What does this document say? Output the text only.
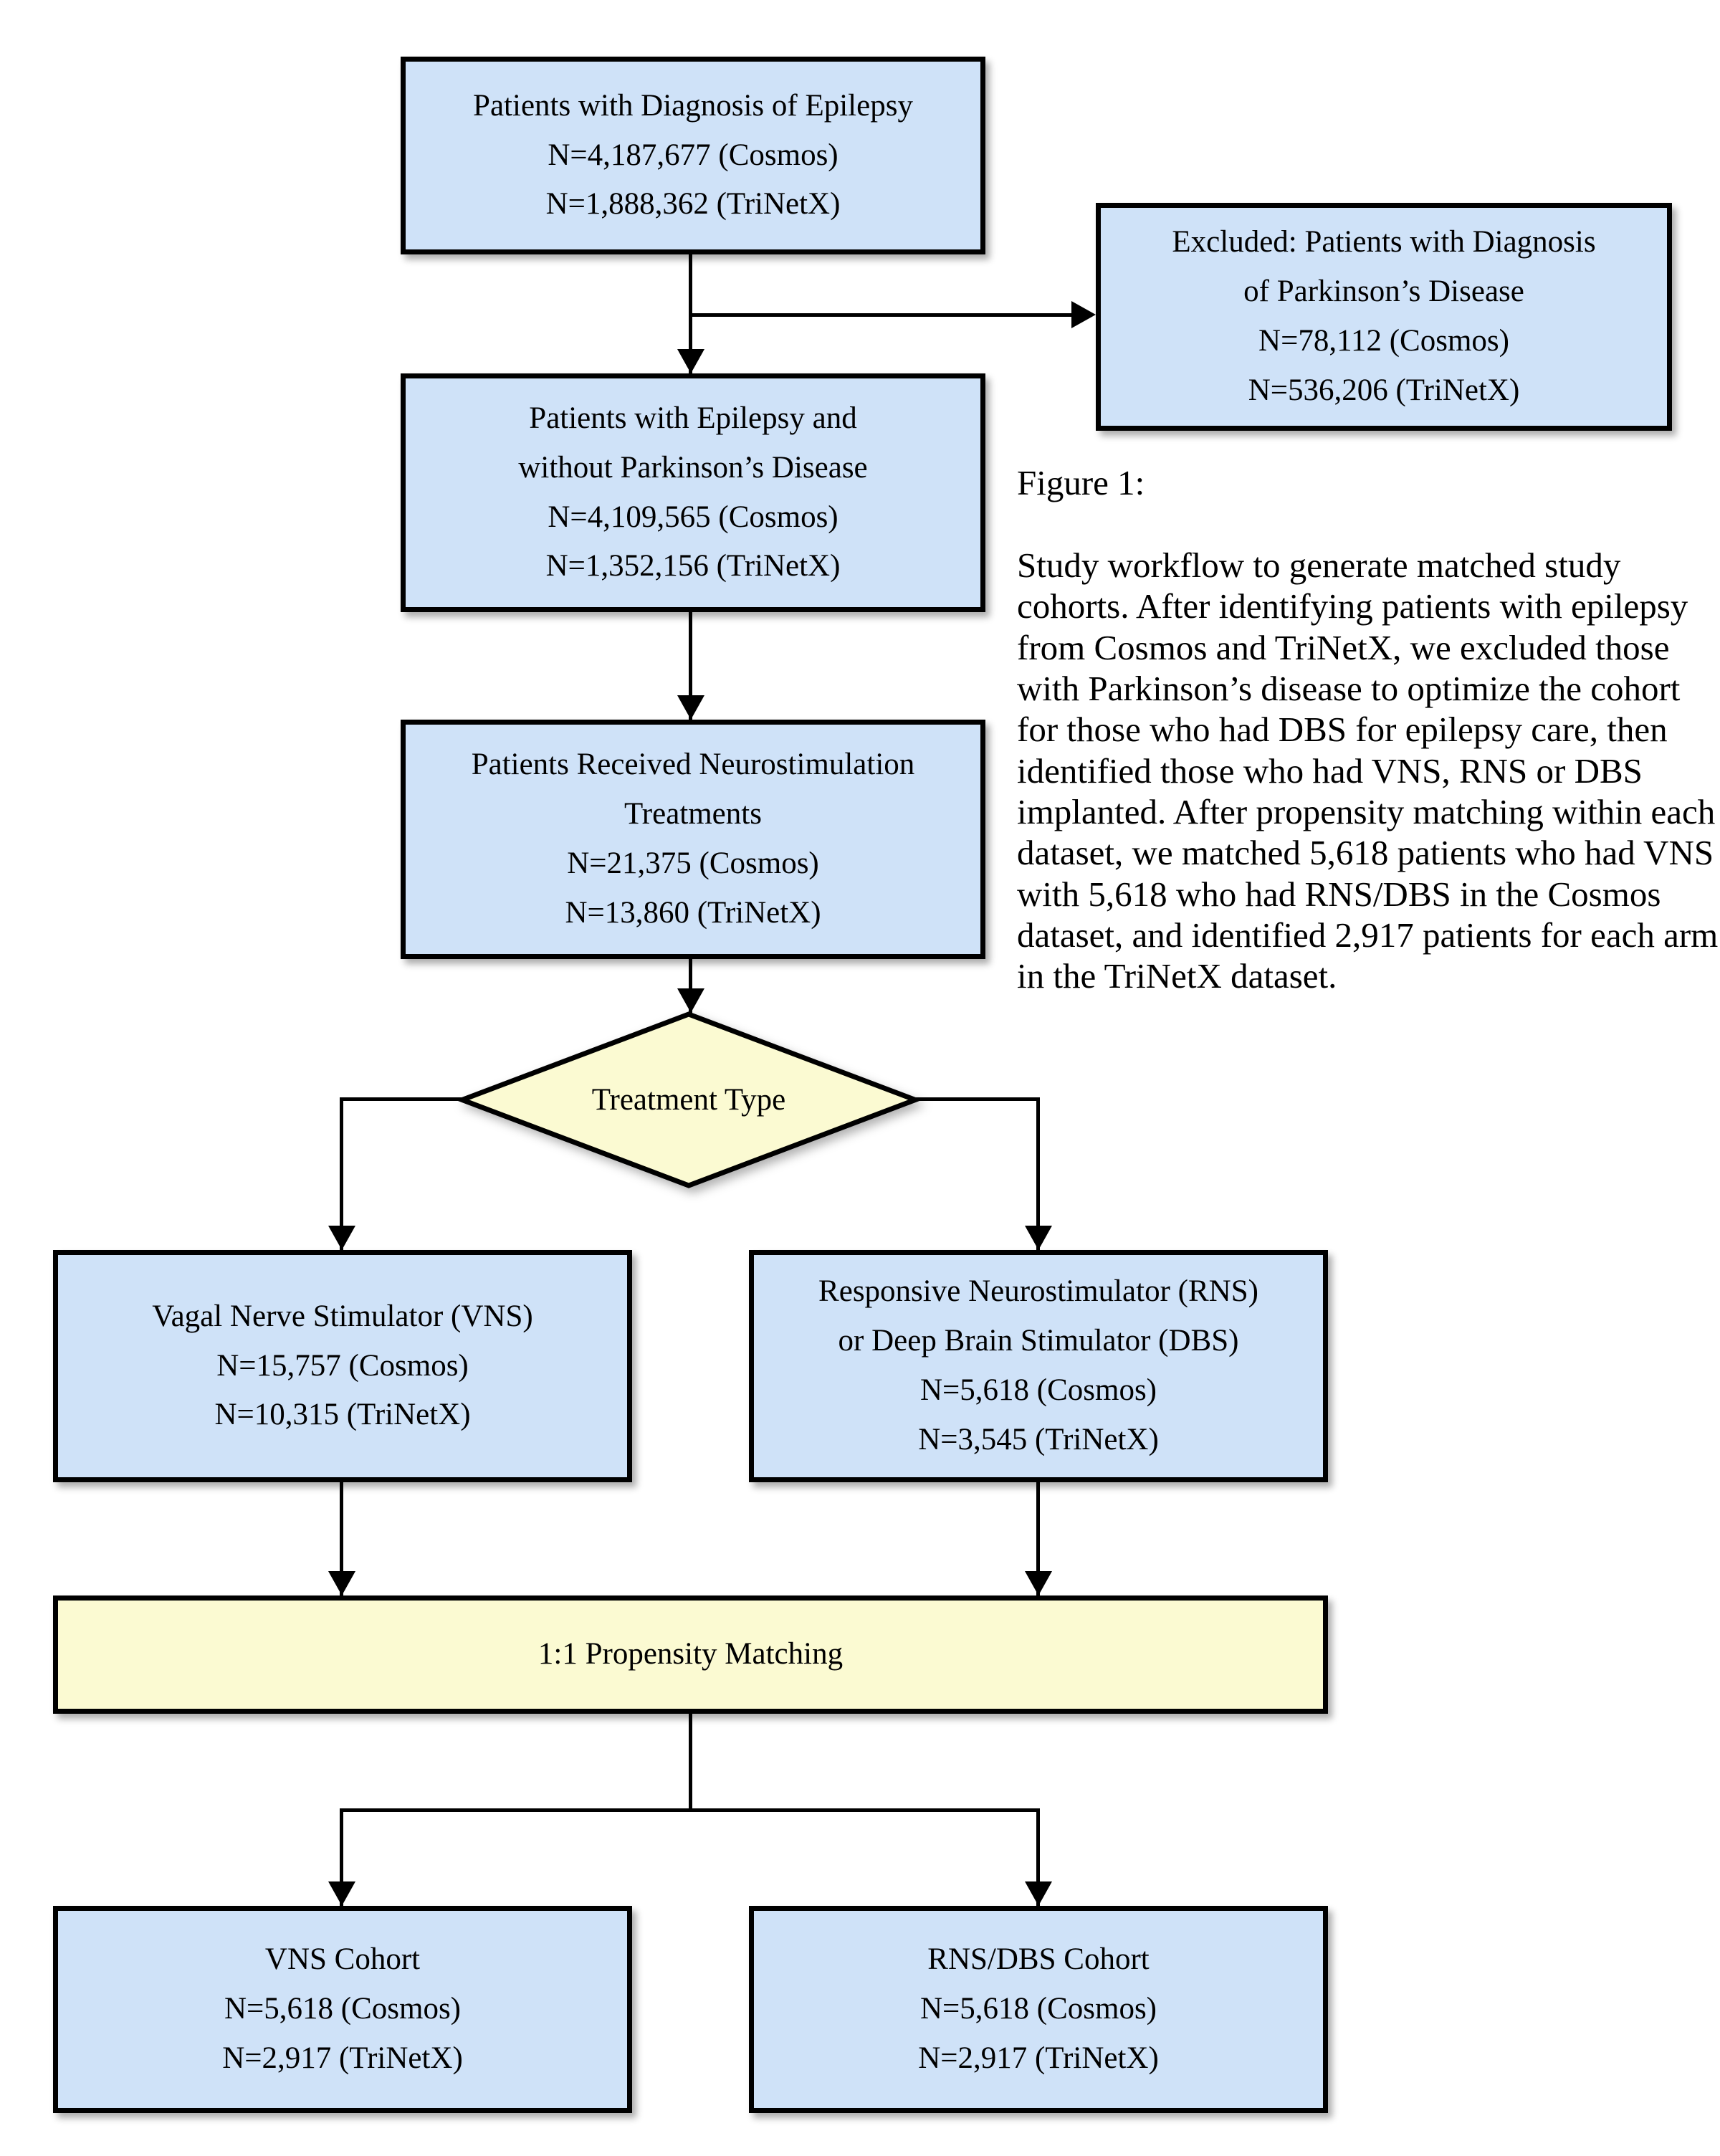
Patients with Diagnosis of Epilepsy
N=4,187,677 (Cosmos)
N=1,888,362 (TriNetX)
Excluded: Patients with Diagnosis
of Parkinson’s Disease
N=78,112 (Cosmos)
N=536,206 (TriNetX)
Patients with Epilepsy and
without Parkinson’s Disease
N=4,109,565 (Cosmos)
N=1,352,156 (TriNetX)
Patients Received Neurostimulation
Treatments
N=21,375 (Cosmos)
N=13,860 (TriNetX)
Treatment Type
Vagal Nerve Stimulator (VNS)
N=15,757 (Cosmos)
N=10,315 (TriNetX)
Responsive Neurostimulator (RNS)
or Deep Brain Stimulator (DBS)
N=5,618 (Cosmos)
N=3,545 (TriNetX)
1:1 Propensity Matching
VNS Cohort
N=5,618 (Cosmos)
N=2,917 (TriNetX)
RNS/DBS Cohort
N=5,618 (Cosmos)
N=2,917 (TriNetX)

Figure 1:

Study workflow to generate matched study cohorts. After identifying patients with epilepsy from Cosmos and TriNetX, we excluded those with Parkinson’s disease to optimize the cohort for those who had DBS for epilepsy care, then identified those who had VNS, RNS or DBS implanted. After propensity matching within each dataset, we matched 5,618 patients who had VNS with 5,618 who had RNS/DBS in the Cosmos dataset, and identified 2,917 patients for each arm in the TriNetX dataset.
